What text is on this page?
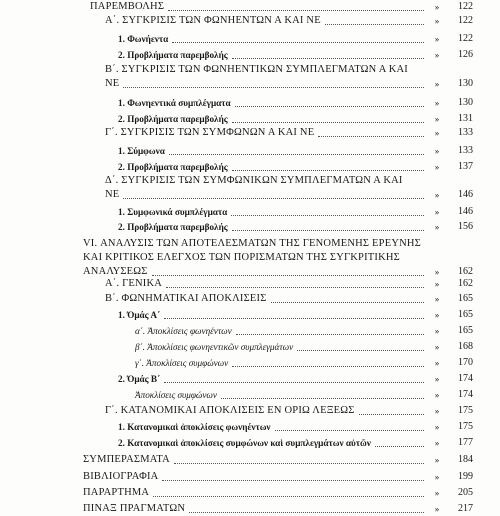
ΠΑΡΕΜΒΟΛΗΣ	»	122
Α΄. ΣΥΓΚΡΙΣΙΣ ΤΩΝ ΦΩΝΗΕΝΤΩΝ Α ΚΑΙ ΝΕ	»	122
1. Φωνήεντα	»	122
2. Προβλήματα παρεμβολής	»	126
Β΄. ΣΥΓΚΡΙΣΙΣ ΤΩΝ ΦΩΝΗΕΝΤΙΚΩΝ ΣΥΜΠΛΕΓΜΑΤΩΝ Α ΚΑΙ
ΝΕ	»	130
1. Φωνηεντικά συμπλέγματα	»	130
2. Προβλήματα παρεμβολής	»	131
Γ΄. ΣΥΓΚΡΙΣΙΣ ΤΩΝ ΣΥΜΦΩΝΩΝ Α ΚΑΙ ΝΕ	»	133
1. Σύμφωνα	»	133
2. Προβλήματα παρεμβολής	»	137
Δ΄. ΣΥΓΚΡΙΣΙΣ ΤΩΝ ΣΥΜΦΩΝΙΚΩΝ ΣΥΜΠΛΕΓΜΑΤΩΝ Α ΚΑΙ
ΝΕ	»	146
1. Συμφωνικά συμπλέγματα	»	146
2. Προβλήματα παρεμβολής	»	156
VI. ΑΝΑΛΥΣΙΣ ΤΩΝ ΑΠΟΤΕΛΕΣΜΑΤΩΝ ΤΗΣ ΓΕΝΟΜΕΝΗΣ ΕΡΕΥΝΗΣ
ΚΑΙ ΚΡΙΤΙΚΟΣ ΕΛΕΓΧΟΣ ΤΩΝ ΠΟΡΙΣΜΑΤΩΝ ΤΗΣ ΣΥΓΚΡΙΤΙΚΗΣ
ΑΝΑΛΥΣΕΩΣ	»	162
Α΄. ΓΕΝΙΚΑ	»	162
Β΄. ΦΩΝΗΜΑΤΙΚΑΙ ΑΠΟΚΛΙΣΕΙΣ	»	165
1. Όμάς Α΄	»	165
α΄. Ἀποκλίσεις φωνηέντων	»	165
β΄. Ἀποκλίσεις φωνηεντικῶν συμπλεγμάτων	»	168
γ΄. Ἀποκλίσεις συμφώνων	»	170
2. Όμάς Β΄	»	174
Ἀποκλίσεις συμφώνων	»	174
Γ΄. ΚΑΤΑΝΟΜΙΚΑΙ ΑΠΟΚΛΙΣΕΙΣ ΕΝ ΟΡΙΩ ΛΕΞΕΩΣ	»	175
1. Κατανομικαὶ ἀποκλίσεις φωνηέντων	»	175
2. Κατανομικαὶ ἀποκλίσεις συμφώνων καὶ συμπλεγμάτων αὐτῶν	»	177
ΣΥΜΠΕΡΑΣΜΑΤΑ	»	184
ΒΙΒΛΙΟΓΡΑΦΙΑ	»	199
ΠΑΡΑΡΤΗΜΑ	»	205
ΠΙΝΑΞ ΠΡΑΓΜΑΤΩΝ	»	217
